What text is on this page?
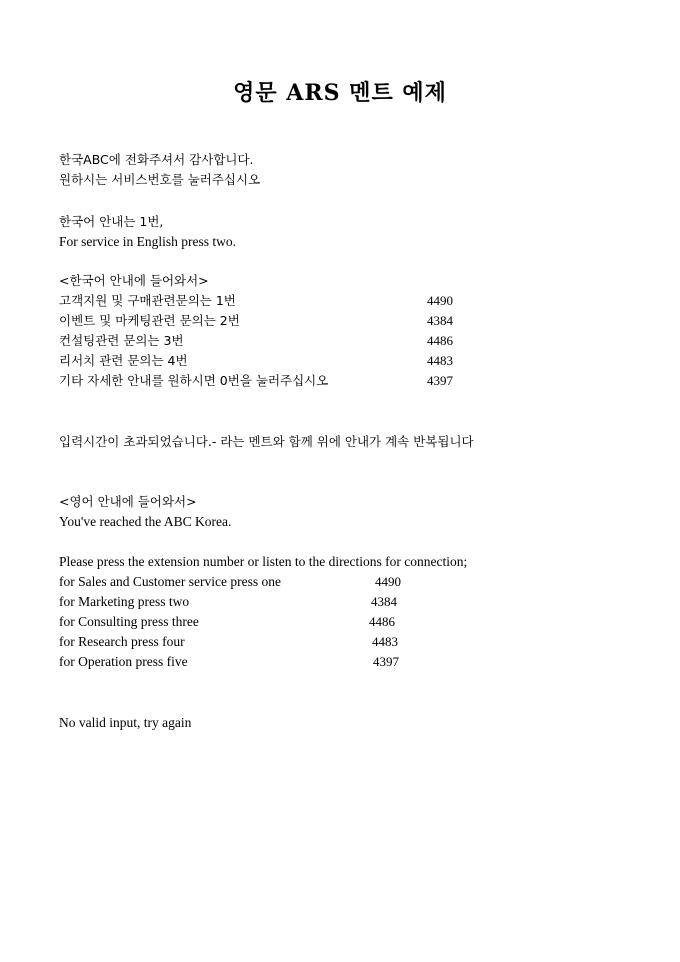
영문 ARS 멘트 예제
한국ABC에 전화주셔서 감사합니다.
원하시는 서비스번호를 눌러주십시오
한국어 안내는 1번,
For service in English press two.
<한국어 안내에 들어와서>
고객지원 및 구매관련문의는 1번	4490
이벤트 및 마케팅관련 문의는 2번	4384
컨설팅관련 문의는 3번	4486
리서치 관련 문의는 4번	4483
기타 자세한 안내를 원하시면 0번을 눌러주십시오	4397
입력시간이 초과되었습니다.- 라는 멘트와 함께 위에 안내가 계속 반복됩니다
<영어 안내에 들어와서>
You've reached the ABC Korea.
Please press the extension number or listen to the directions for connection;
for Sales and Customer service press one	4490
for Marketing press two	4384
for Consulting press three	4486
for Research press four	4483
for Operation press five	4397
No valid input, try again
